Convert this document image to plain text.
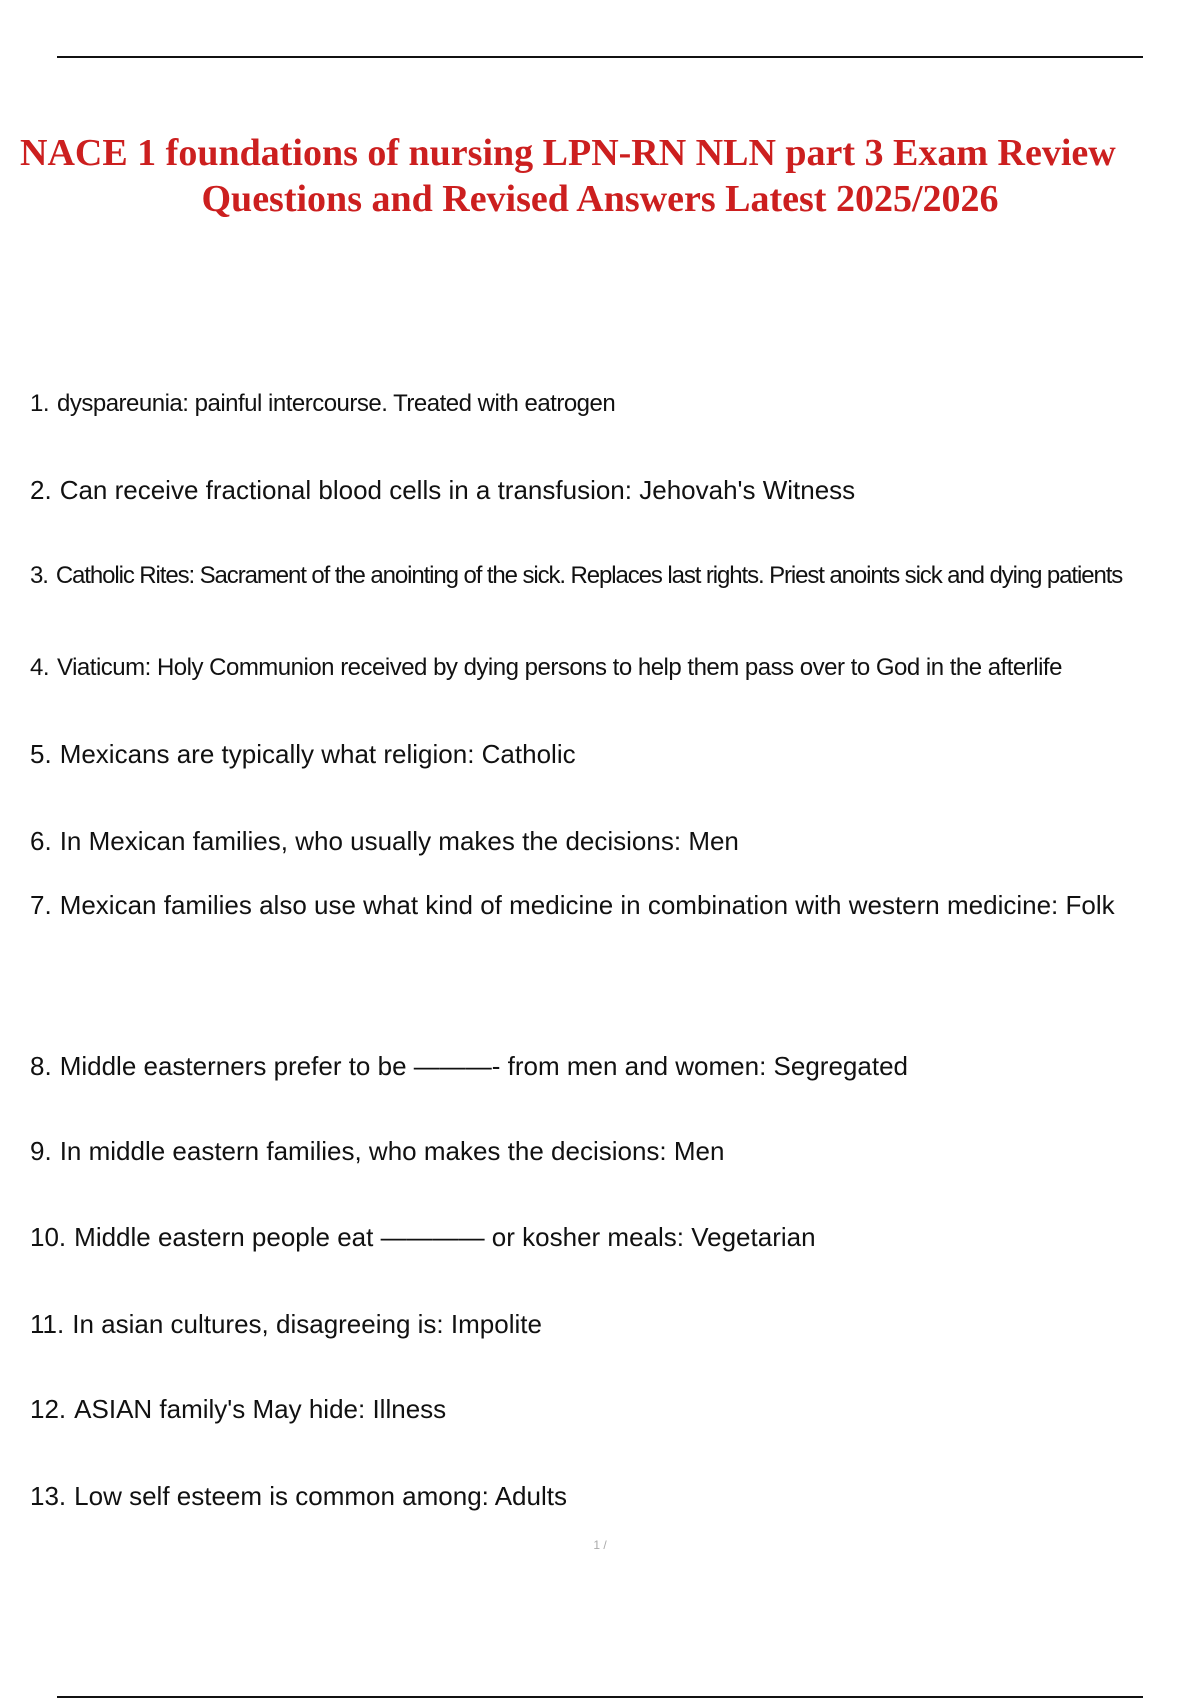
NACE 1 foundations of nursing LPN-RN NLN part 3 Exam Review
Questions and Revised Answers Latest 2025/2026
1. dyspareunia: painful intercourse. Treated with eatrogen
2. Can receive fractional blood cells in a transfusion: Jehovah's Witness
3. Catholic Rites: Sacrament of the anointing of the sick. Replaces last rights. Priest anoints sick and dying patients
4. Viaticum: Holy Communion received by dying persons to help them pass over to God in the afterlife
5. Mexicans are typically what religion: Catholic
6. In Mexican families, who usually makes the decisions: Men
7. Mexican families also use what kind of medicine in combination with western medicine: Folk
8. Middle easterners prefer to be ———- from men and women: Segregated
9. In middle eastern families, who makes the decisions: Men
10. Middle eastern people eat ———— or kosher meals: Vegetarian
11. In asian cultures, disagreeing is: Impolite
12. ASIAN family's May hide: Illness
13. Low self esteem is common among: Adults
1 /
